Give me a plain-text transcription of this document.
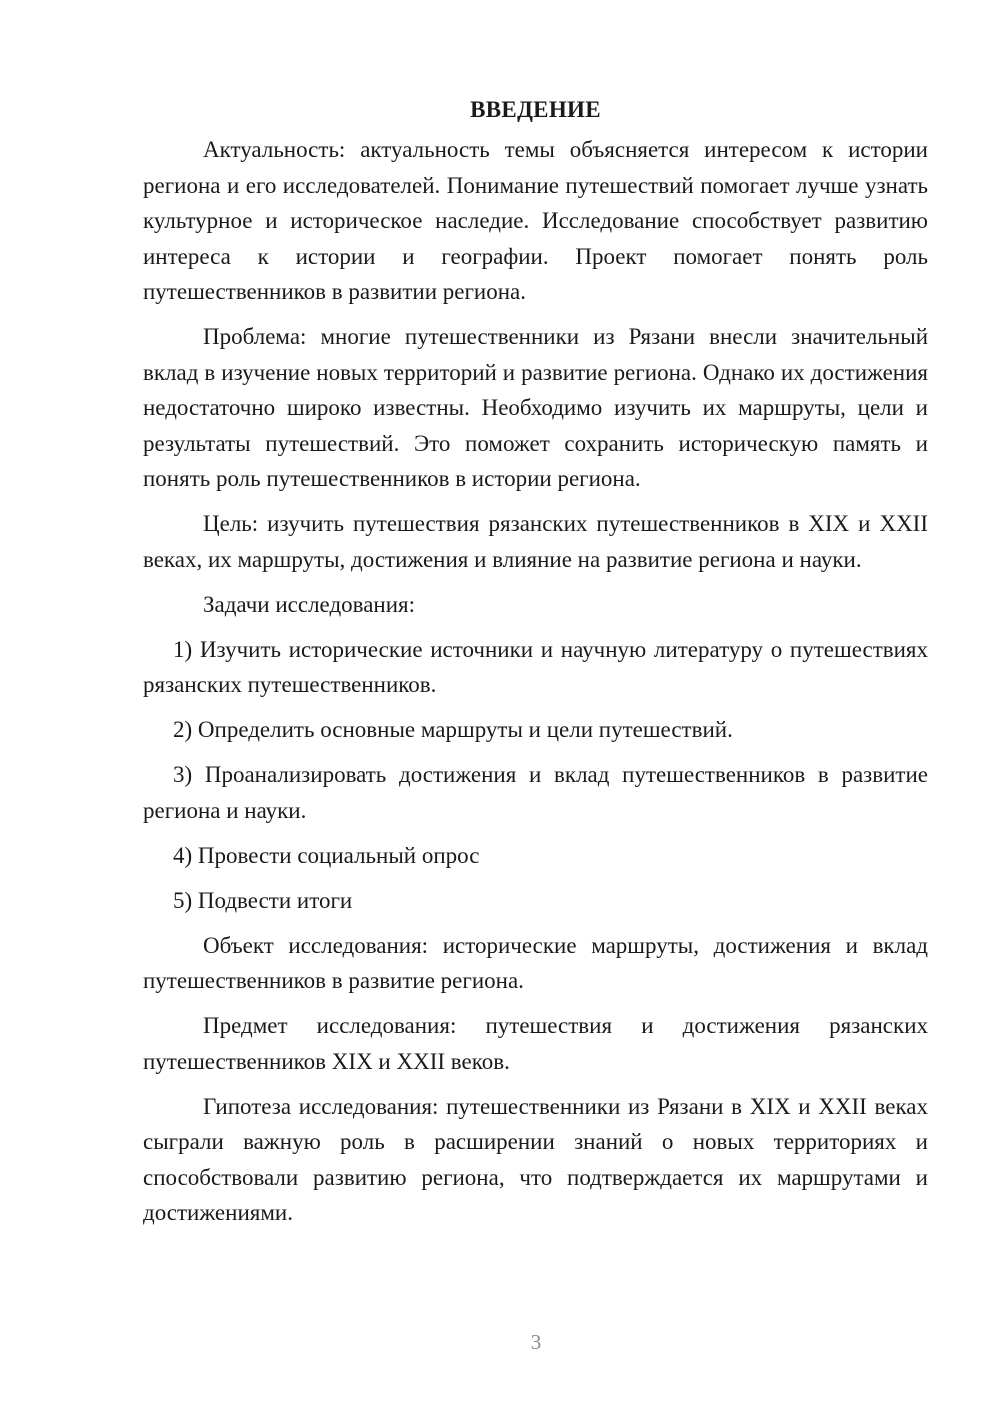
ВВЕДЕНИЕ

Актуальность: актуальность темы объясняется интересом к истории региона и его исследователей. Понимание путешествий помогает лучше узнать культурное и историческое наследие. Исследование способствует развитию интереса к истории и географии. Проект помогает понять роль путешественников в развитии региона.

Проблема: многие путешественники из Рязани внесли значительный вклад в изучение новых территорий и развитие региона. Однако их достижения недостаточно широко известны. Необходимо изучить их маршруты, цели и результаты путешествий. Это поможет сохранить историческую память и понять роль путешественников в истории региона.

Цель: изучить путешествия рязанских путешественников в XIX и XXII веках, их маршруты, достижения и влияние на развитие региона и науки.

Задачи исследования:

1) Изучить исторические источники и научную литературу о путешествиях рязанских путешественников.

2) Определить основные маршруты и цели путешествий.

3) Проанализировать достижения и вклад путешественников в развитие региона и науки.

4) Провести социальный опрос

5) Подвести итоги

Объект исследования: исторические маршруты, достижения и вклад путешественников в развитие региона.

Предмет исследования: путешествия и достижения рязанских путешественников XIX и XXII веков.

Гипотеза исследования: путешественники из Рязани в XIX и XXII веках сыграли важную роль в расширении знаний о новых территориях и способствовали развитию региона, что подтверждается их маршрутами и достижениями.

3
